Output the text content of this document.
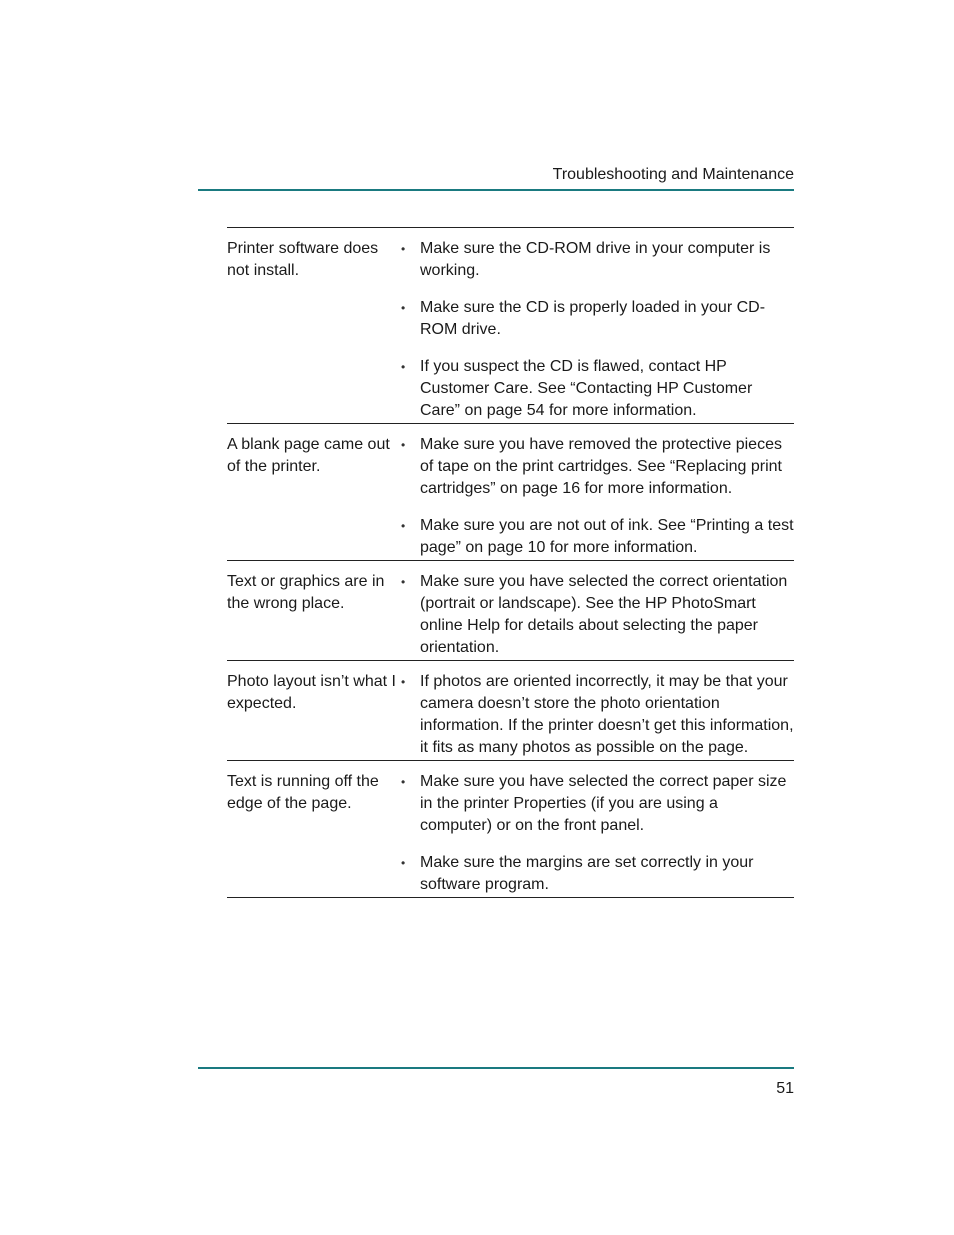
Troubleshooting and Maintenance
Printer software does not install.
• Make sure the CD-ROM drive in your computer is working.
• Make sure the CD is properly loaded in your CD-ROM drive.
• If you suspect the CD is flawed, contact HP Customer Care. See “Contacting HP Customer Care” on page 54 for more information.
A blank page came out of the printer.
• Make sure you have removed the protective pieces of tape on the print cartridges. See “Replacing print cartridges” on page 16 for more information.
• Make sure you are not out of ink. See “Printing a test page” on page 10 for more information.
Text or graphics are in the wrong place.
• Make sure you have selected the correct orientation (portrait or landscape). See the HP PhotoSmart online Help for details about selecting the paper orientation.
Photo layout isn’t what I expected.
• If photos are oriented incorrectly, it may be that your camera doesn’t store the photo orientation information. If the printer doesn’t get this information, it fits as many photos as possible on the page.
Text is running off the edge of the page.
• Make sure you have selected the correct paper size in the printer Properties (if you are using a computer) or on the front panel.
• Make sure the margins are set correctly in your software program.
51
